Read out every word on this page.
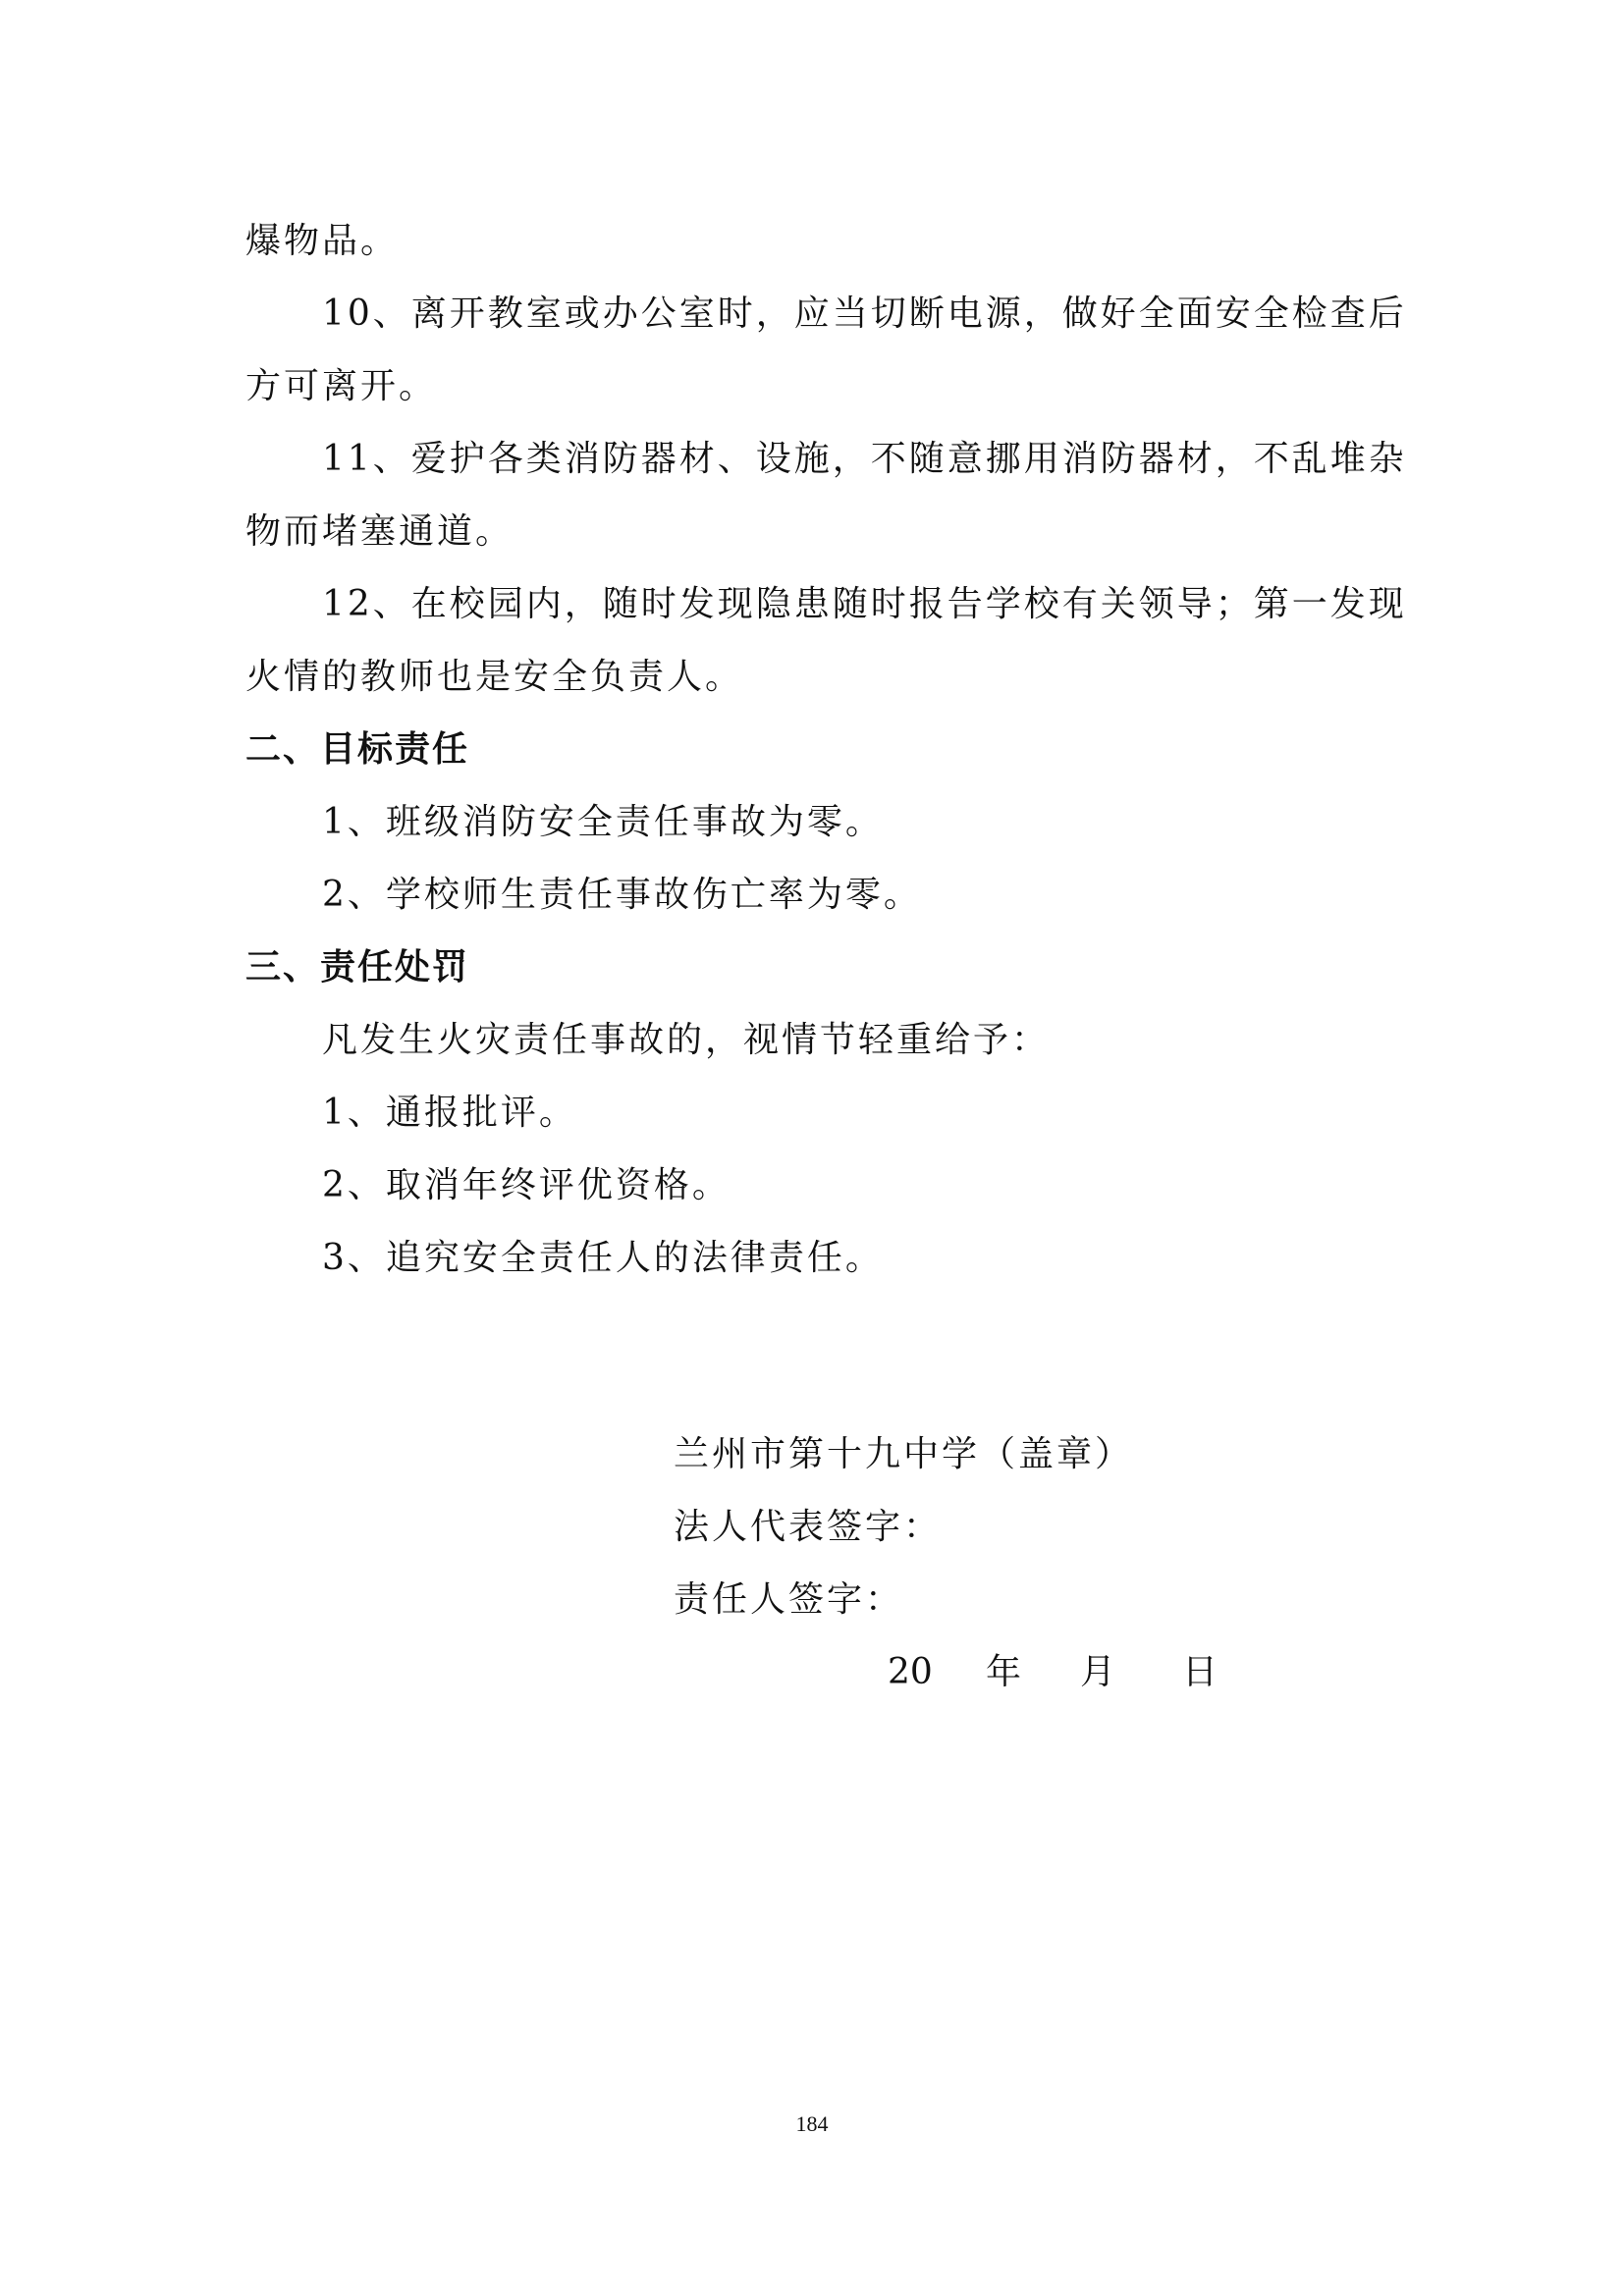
爆物品。
10、离开教室或办公室时，应当切断电源，做好全面安全检查后
方可离开。
11、爱护各类消防器材、设施，不随意挪用消防器材，不乱堆杂
物而堵塞通道。
12、在校园内，随时发现隐患随时报告学校有关领导；第一发现
火情的教师也是安全负责人。
二、目标责任
1、班级消防安全责任事故为零。
2、学校师生责任事故伤亡率为零。
三、责任处罚
凡发生火灾责任事故的，视情节轻重给予：
1、通报批评。
2、取消年终评优资格。
3、追究安全责任人的法律责任。
兰州市第十九中学（盖章）
法人代表签字：
责任人签字：
20 年 月 日
184
